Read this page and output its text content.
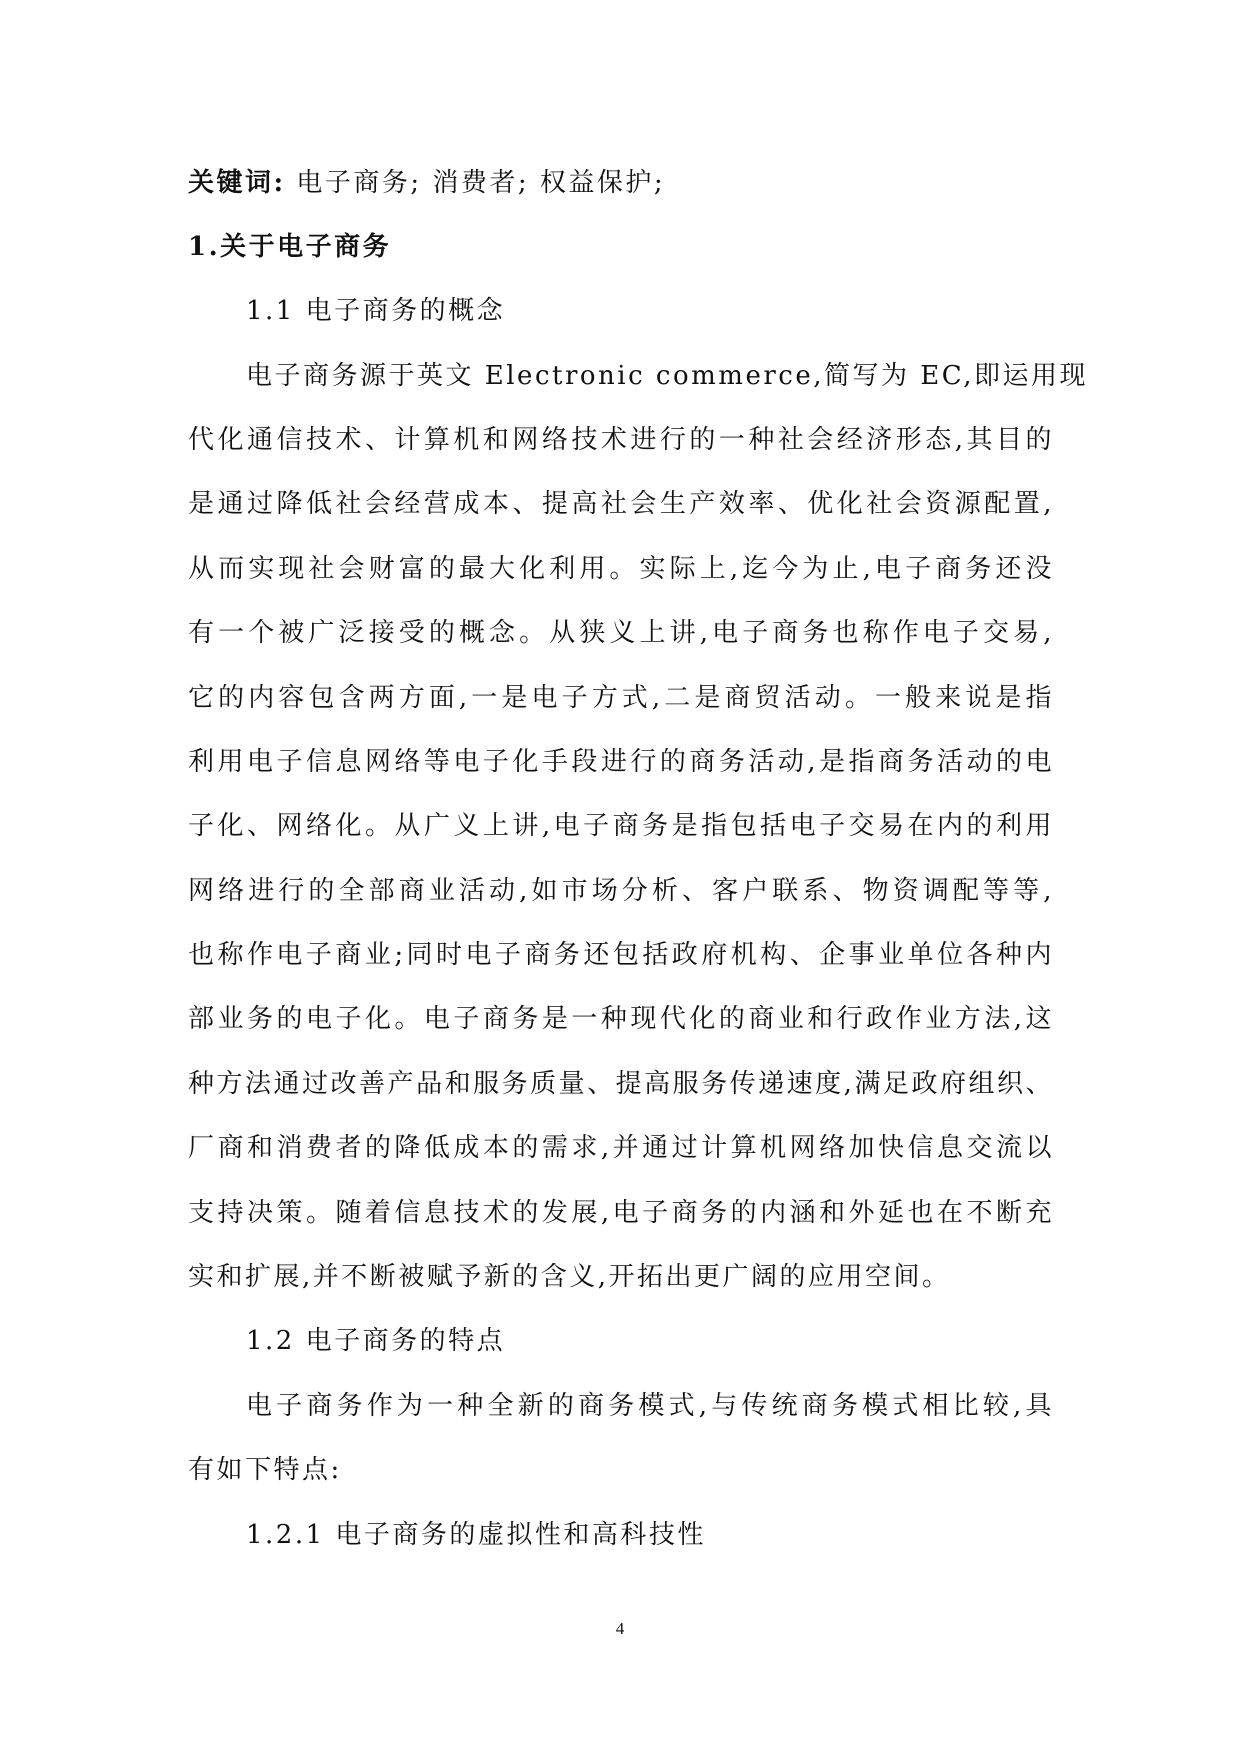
关键词: 电子商务; 消费者; 权益保护;
1.关于电子商务
1.1 电子商务的概念
电子商务源于英文 Electronic commerce,简写为 EC,即运用现
代化通信技术、计算机和网络技术进行的一种社会经济形态,其目的
是通过降低社会经营成本、提高社会生产效率、优化社会资源配置,
从而实现社会财富的最大化利用。实际上,迄今为止,电子商务还没
有一个被广泛接受的概念。从狭义上讲,电子商务也称作电子交易,
它的内容包含两方面,一是电子方式,二是商贸活动。一般来说是指
利用电子信息网络等电子化手段进行的商务活动,是指商务活动的电
子化、网络化。从广义上讲,电子商务是指包括电子交易在内的利用
网络进行的全部商业活动,如市场分析、客户联系、物资调配等等,
也称作电子商业;同时电子商务还包括政府机构、企事业单位各种内
部业务的电子化。电子商务是一种现代化的商业和行政作业方法,这
种方法通过改善产品和服务质量、提高服务传递速度,满足政府组织、
厂商和消费者的降低成本的需求,并通过计算机网络加快信息交流以
支持决策。随着信息技术的发展,电子商务的内涵和外延也在不断充
实和扩展,并不断被赋予新的含义,开拓出更广阔的应用空间。
1.2 电子商务的特点
电子商务作为一种全新的商务模式,与传统商务模式相比较,具
有如下特点:
1.2.1 电子商务的虚拟性和高科技性
4
